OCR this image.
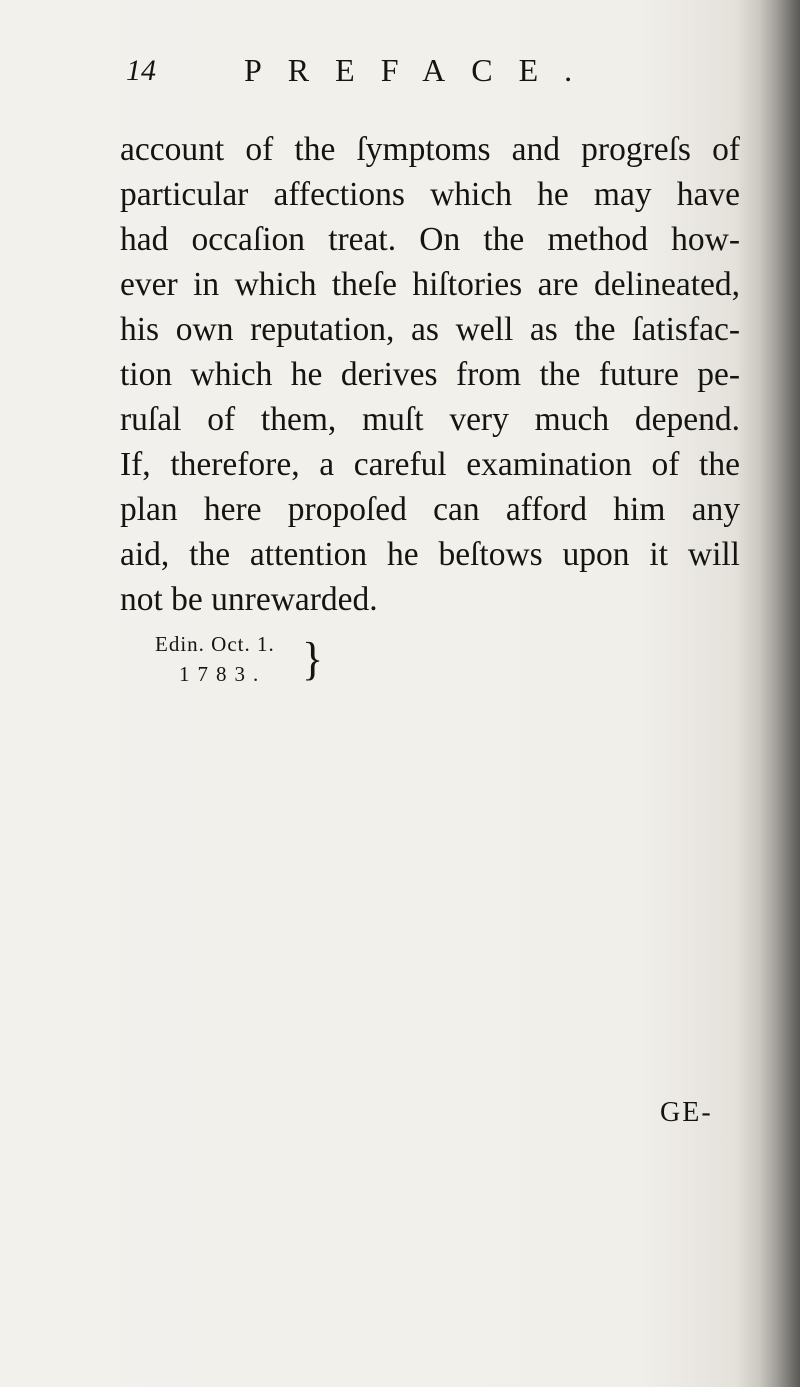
14	PREFACE.
account of the ſymptoms and progreſs of
particular affections which he may have
had occaſion treat. On the method how-
ever in which theſe hiſtories are delineated,
his own reputation, as well as the ſatisfac-
tion which he derives from the future pe-
ruſal of them, muſt very much depend.
If, therefore, a careful examination of the
plan here propoſed can afford him any
aid, the attention he beſtows upon it will
not be unrewarded.
Edin. Oct. 1.
1783. }
GE-
